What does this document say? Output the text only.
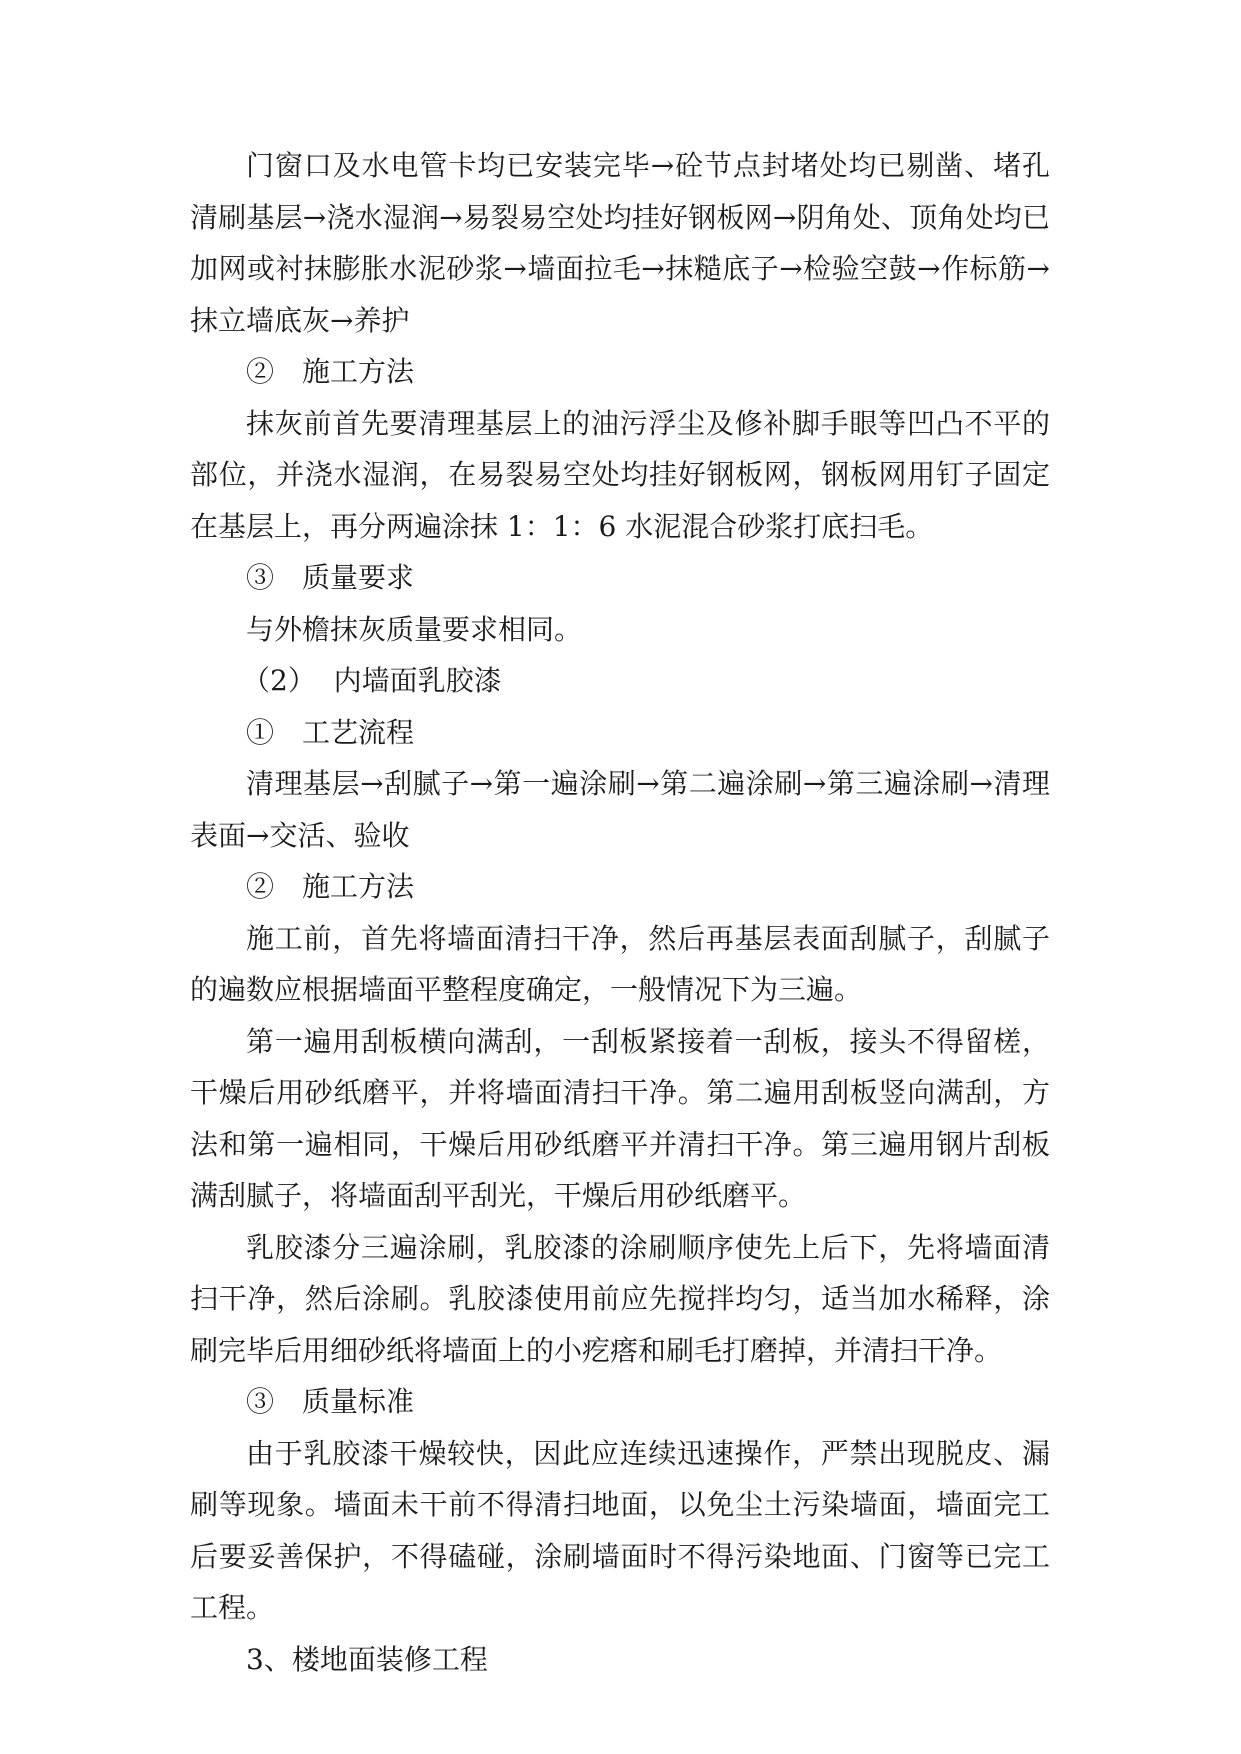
门窗口及水电管卡均已安装完毕→砼节点封堵处均已剔凿、堵孔清刷基层→浇水湿润→易裂易空处均挂好钢板网→阴角处、顶角处均已加网或衬抹膨胀水泥砂浆→墙面拉毛→抹糙底子→检验空鼓→作标筋→抹立墙底灰→养护

②　施工方法

抹灰前首先要清理基层上的油污浮尘及修补脚手眼等凹凸不平的部位，并浇水湿润，在易裂易空处均挂好钢板网，钢板网用钉子固定在基层上，再分两遍涂抹 1：1：6 水泥混合砂浆打底扫毛。

③　质量要求

与外檐抹灰质量要求相同。

（2）  内墙面乳胶漆

①　工艺流程

清理基层→刮腻子→第一遍涂刷→第二遍涂刷→第三遍涂刷→清理表面→交活、验收

②　施工方法

施工前，首先将墙面清扫干净，然后再基层表面刮腻子，刮腻子的遍数应根据墙面平整程度确定，一般情况下为三遍。

第一遍用刮板横向满刮，一刮板紧接着一刮板，接头不得留槎，干燥后用砂纸磨平，并将墙面清扫干净。第二遍用刮板竖向满刮，方法和第一遍相同，干燥后用砂纸磨平并清扫干净。第三遍用钢片刮板满刮腻子，将墙面刮平刮光，干燥后用砂纸磨平。

乳胶漆分三遍涂刷，乳胶漆的涂刷顺序使先上后下，先将墙面清扫干净，然后涂刷。乳胶漆使用前应先搅拌均匀，适当加水稀释，涂刷完毕后用细砂纸将墙面上的小疙瘩和刷毛打磨掉，并清扫干净。

③　质量标准

由于乳胶漆干燥较快，因此应连续迅速操作，严禁出现脱皮、漏刷等现象。墙面未干前不得清扫地面，以免尘土污染墙面，墙面完工后要妥善保护，不得磕碰，涂刷墙面时不得污染地面、门窗等已完工工程。

3、楼地面装修工程
